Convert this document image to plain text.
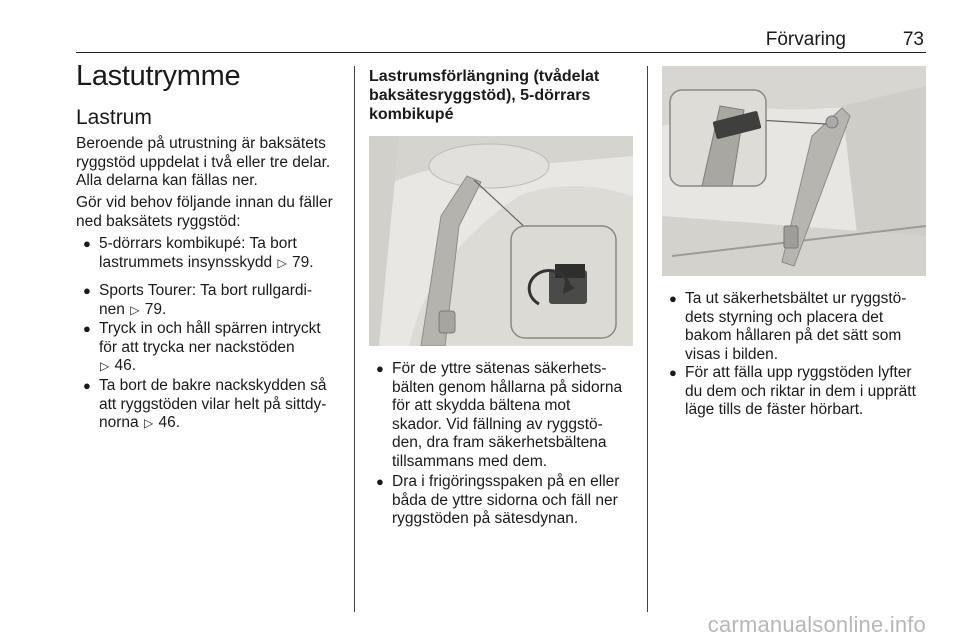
Förvaring	73
Lastutrymme
Lastrum
Beroende på utrustning är baksätets
ryggstöd uppdelat i två eller tre delar.
Alla delarna kan fällas ner.
Gör vid behov följande innan du fäller
ned baksätets ryggstöd:
● 5-dörrars kombikupé: Ta bort
lastrummets insynsskydd ▷ 79.
● Sports Tourer: Ta bort rullgardi-
nen ▷ 79.
● Tryck in och håll spärren intryckt
för att trycka ner nackstöden
▷ 46.
● Ta bort de bakre nackskydden så
att ryggstöden vilar helt på sittdy-
norna ▷ 46.
Lastrumsförlängning (tvådelat baksätesryggstöd), 5-dörrars kombikupé
● För de yttre sätenas säkerhets-
bälten genom hållarna på sidorna
för att skydda bältena mot
skador. Vid fällning av ryggstö-
den, dra fram säkerhetsbältena
tillsammans med dem.
● Dra i frigöringsspaken på en eller
båda de yttre sidorna och fäll ner
ryggstöden på sätesdynan.
● Ta ut säkerhetsbältet ur ryggstö-
dets styrning och placera det
bakom hållaren på det sätt som
visas i bilden.
● För att fälla upp ryggstöden lyfter
du dem och riktar in dem i upprätt
läge tills de fäster hörbart.
carmanualsonline.info
